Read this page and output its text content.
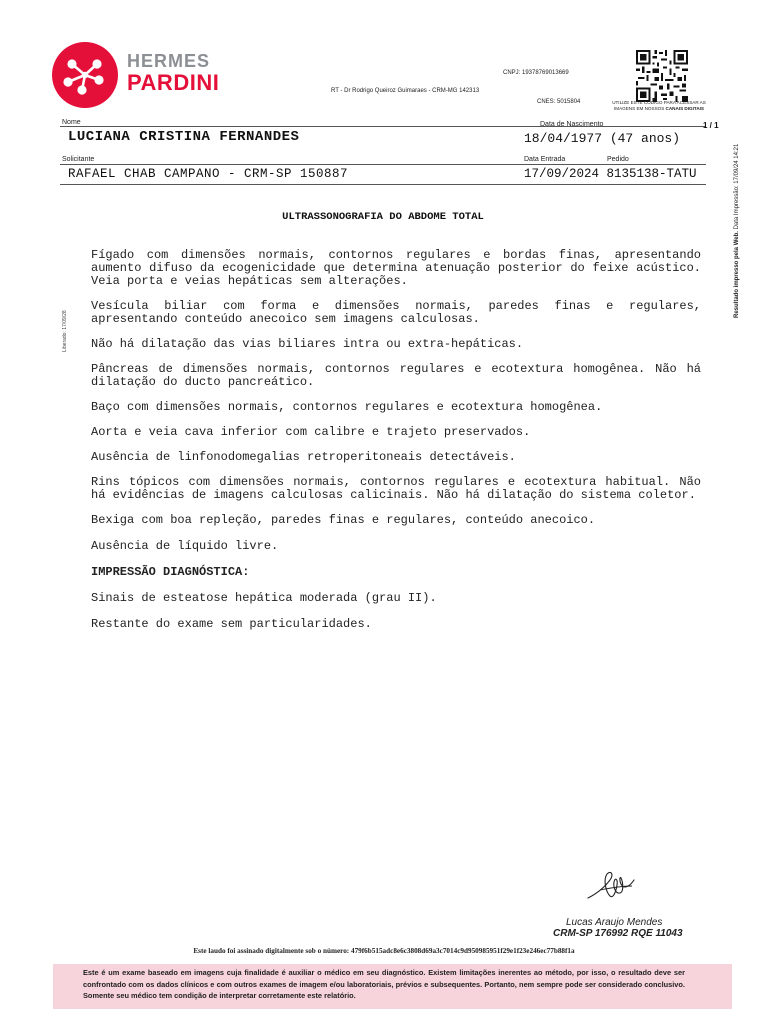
HERMES
PARDINI	CNPJ: 19378769013669
RT - Dr Rodrigo Queiroz Guimaraes - CRM-MG 142313
CNES: 5015804	UTILIZE ESTE CÓDIGO PARA ACESSAR AS
IMAGENS EM NOSSOS CANAIS DIGITAIS
Nome	Data de Nascimento	1 / 1
LUCIANA CRISTINA FERNANDES	18/04/1977 (47 anos)
Solicitante	Data Entrada	Pedido
RAFAEL CHAB CAMPANO - CRM-SP 150887	17/09/2024 8135138-TATU
Resultado impresso pela Web. Data Impressão: 17/09/24 14:21
Liberado: 17/09/28
ULTRASSONOGRAFIA DO ABDOME TOTAL

Fígado com dimensões normais, contornos regulares e bordas finas, apresentando aumento difuso da ecogenicidade que determina atenuação posterior do feixe acústico. Veia porta e veias hepáticas sem alterações.

Vesícula biliar com forma e dimensões normais, paredes finas e regulares, apresentando conteúdo anecoico sem imagens calculosas.

Não há dilatação das vias biliares intra ou extra-hepáticas.

Pâncreas de dimensões normais, contornos regulares e ecotextura homogênea. Não há dilatação do ducto pancreático.

Baço com dimensões normais, contornos regulares e ecotextura homogênea.

Aorta e veia cava inferior com calibre e trajeto preservados.

Ausência de linfonodomegalias retroperitoneais detectáveis.

Rins tópicos com dimensões normais, contornos regulares e ecotextura habitual. Não há evidências de imagens calculosas calicinais. Não há dilatação do sistema coletor.

Bexiga com boa repleção, paredes finas e regulares, conteúdo anecoico.

Ausência de líquido livre.

IMPRESSÃO DIAGNÓSTICA:

Sinais de esteatose hepática moderada (grau II).

Restante do exame sem particularidades.

Lucas Araujo Mendes
CRM-SP 176992 RQE 11043
Este laudo foi assinado digitalmente sob o número: 479f6b515adc8e6c3808d69a3c7014c9d950985951f29e1f23e246ec77b88f1a
Este é um exame baseado em imagens cuja finalidade é auxiliar o médico em seu diagnóstico. Existem limitações inerentes ao método, por isso, o resultado deve ser confrontado com os dados clínicos e com outros exames de imagem e/ou laboratoriais, prévios e subsequentes. Portanto, nem sempre pode ser considerado conclusivo. Somente seu médico tem condição de interpretar corretamente este relatório.
